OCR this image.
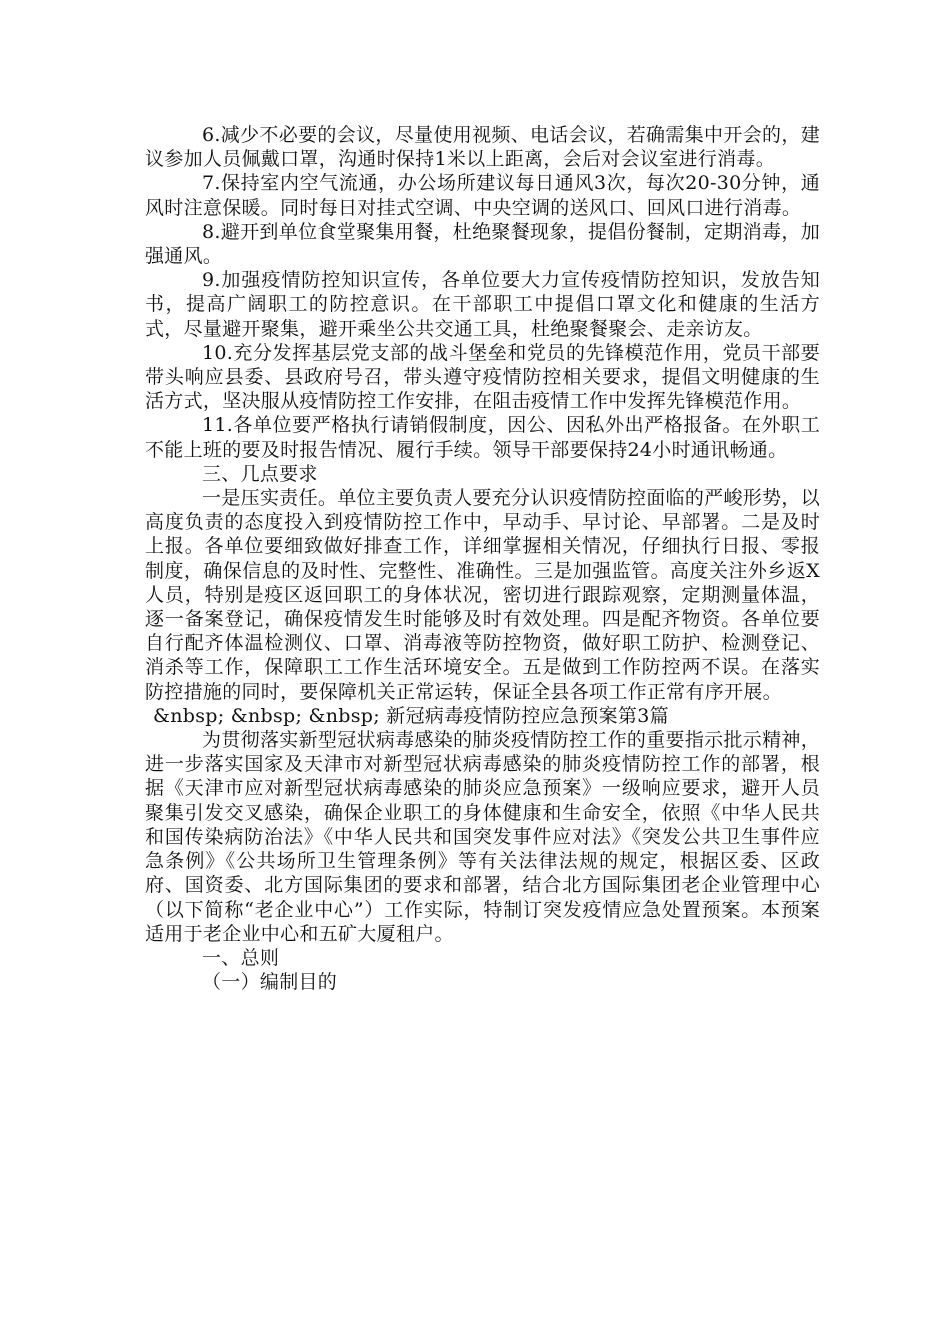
6.减少不必要的会议，尽量使用视频、电话会议，若确需集中开会的，建议参加人员佩戴口罩，沟通时保持1米以上距离，会后对会议室进行消毒。

7.保持室内空气流通，办公场所建议每日通风3次，每次20-30分钟，通风时注意保暖。同时每日对挂式空调、中央空调的送风口、回风口进行消毒。

8.避开到单位食堂聚集用餐，杜绝聚餐现象，提倡份餐制，定期消毒，加强通风。

9.加强疫情防控知识宣传，各单位要大力宣传疫情防控知识，发放告知书，提高广阔职工的防控意识。在干部职工中提倡口罩文化和健康的生活方式，尽量避开聚集，避开乘坐公共交通工具，杜绝聚餐聚会、走亲访友。

10.充分发挥基层党支部的战斗堡垒和党员的先锋模范作用，党员干部要带头响应县委、县政府号召，带头遵守疫情防控相关要求，提倡文明健康的生活方式，坚决服从疫情防控工作安排，在阻击疫情工作中发挥先锋模范作用。

11.各单位要严格执行请销假制度，因公、因私外出严格报备。在外职工不能上班的要及时报告情况、履行手续。领导干部要保持24小时通讯畅通。

三、几点要求

一是压实责任。单位主要负责人要充分认识疫情防控面临的严峻形势，以高度负责的态度投入到疫情防控工作中，早动手、早讨论、早部署。二是及时上报。各单位要细致做好排查工作，详细掌握相关情况，仔细执行日报、零报制度，确保信息的及时性、完整性、准确性。三是加强监管。高度关注外乡返X人员，特别是疫区返回职工的身体状况，密切进行跟踪观察，定期测量体温，逐一备案登记，确保疫情发生时能够及时有效处理。四是配齐物资。各单位要自行配齐体温检测仪、口罩、消毒液等防控物资，做好职工防护、检测登记、消杀等工作，保障职工工作生活环境安全。五是做到工作防控两不误。在落实防控措施的同时，要保障机关正常运转，保证全县各项工作正常有序开展。

&nbsp; &nbsp; &nbsp; 新冠病毒疫情防控应急预案第3篇

为贯彻落实新型冠状病毒感染的肺炎疫情防控工作的重要指示批示精神，进一步落实国家及天津市对新型冠状病毒感染的肺炎疫情防控工作的部署，根据《天津市应对新型冠状病毒感染的肺炎应急预案》一级响应要求，避开人员聚集引发交叉感染，确保企业职工的身体健康和生命安全，依照《中华人民共和国传染病防治法》《中华人民共和国突发事件应对法》《突发公共卫生事件应急条例》《公共场所卫生管理条例》等有关法律法规的规定，根据区委、区政府、国资委、北方国际集团的要求和部署，结合北方国际集团老企业管理中心（以下简称“老企业中心”）工作实际，特制订突发疫情应急处置预案。本预案适用于老企业中心和五矿大厦租户。

一、总则

（一）编制目的
